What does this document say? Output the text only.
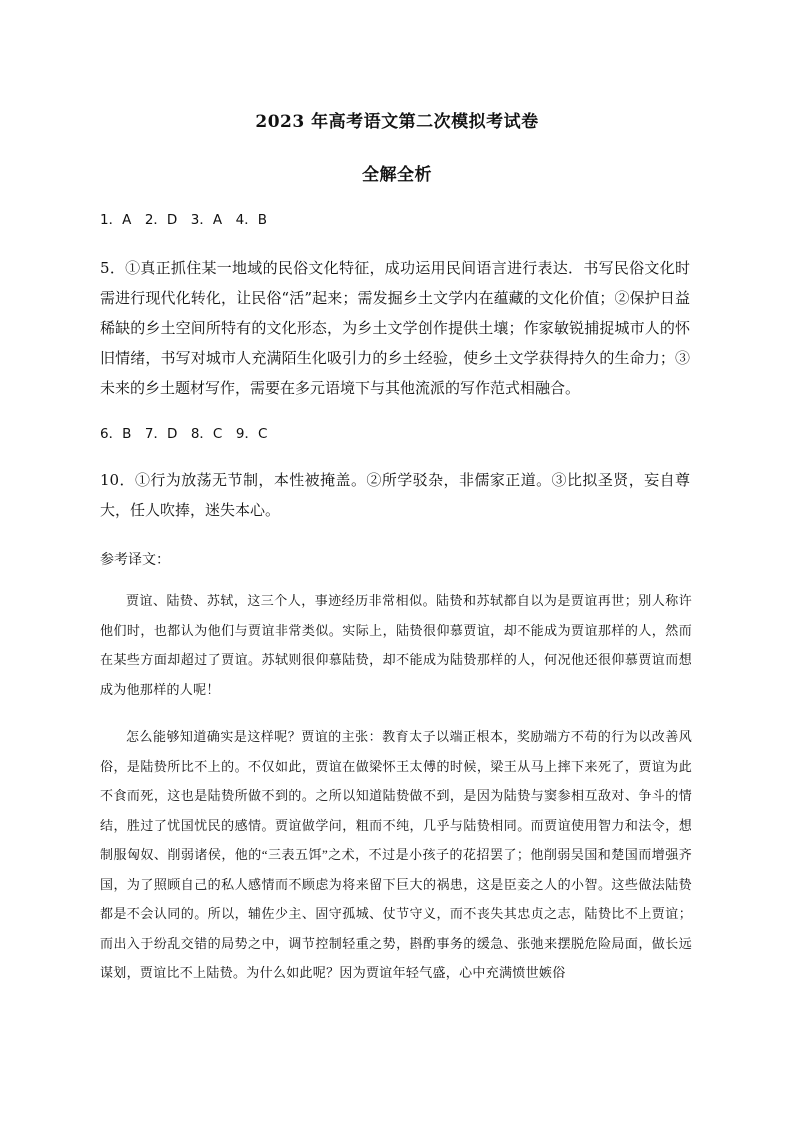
2023 年高考语文第二次模拟考试卷
全解全析
1．A　2．D　3．A　4．B
5．①真正抓住某一地域的民俗文化特征，成功运用民间语言进行表达．书写民俗文化时需进行现代化转化，让民俗“活”起来；需发掘乡土文学内在蕴藏的文化价值；②保护日益稀缺的乡土空间所特有的文化形态，为乡土文学创作提供土壤；作家敏锐捕捉城市人的怀旧情绪，书写对城市人充满陌生化吸引力的乡土经验，使乡土文学获得持久的生命力；③未来的乡土题材写作，需要在多元语境下与其他流派的写作范式相融合。
6．B　7．D　8．C　9．C
10．①行为放荡无节制，本性被掩盖。②所学驳杂，非儒家正道。③比拟圣贤，妄自尊大，任人吹捧，迷失本心。
参考译文：
贾谊、陆贽、苏轼，这三个人，事迹经历非常相似。陆贽和苏轼都自以为是贾谊再世；别人称许他们时，也都认为他们与贾谊非常类似。实际上，陆贽很仰慕贾谊，却不能成为贾谊那样的人，然而在某些方面却超过了贾谊。苏轼则很仰慕陆贽，却不能成为陆贽那样的人，何况他还很仰慕贾谊而想成为他那样的人呢！
怎么能够知道确实是这样呢？贾谊的主张：教育太子以端正根本，奖励端方不苟的行为以改善风俗，是陆贽所比不上的。不仅如此，贾谊在做梁怀王太傅的时候，梁王从马上摔下来死了，贾谊为此不食而死，这也是陆贽所做不到的。之所以知道陆贽做不到，是因为陆贽与窦参相互敌对、争斗的情结，胜过了忧国忧民的感情。贾谊做学问，粗而不纯，几乎与陆贽相同。而贾谊使用智力和法令，想制服匈奴、削弱诸侯，他的“三表五饵”之术，不过是小孩子的花招罢了；他削弱吴国和楚国而增强齐国，为了照顾自己的私人感情而不顾虑为将来留下巨大的祸患，这是臣妾之人的小智。这些做法陆贽都是不会认同的。所以，辅佐少主、固守孤城、仗节守义，而不丧失其忠贞之志，陆贽比不上贾谊；而出入于纷乱交错的局势之中，调节控制轻重之势，斟酌事务的缓急、张弛来摆脱危险局面，做长远谋划，贾谊比不上陆贽。为什么如此呢？因为贾谊年轻气盛，心中充满愤世嫉俗
